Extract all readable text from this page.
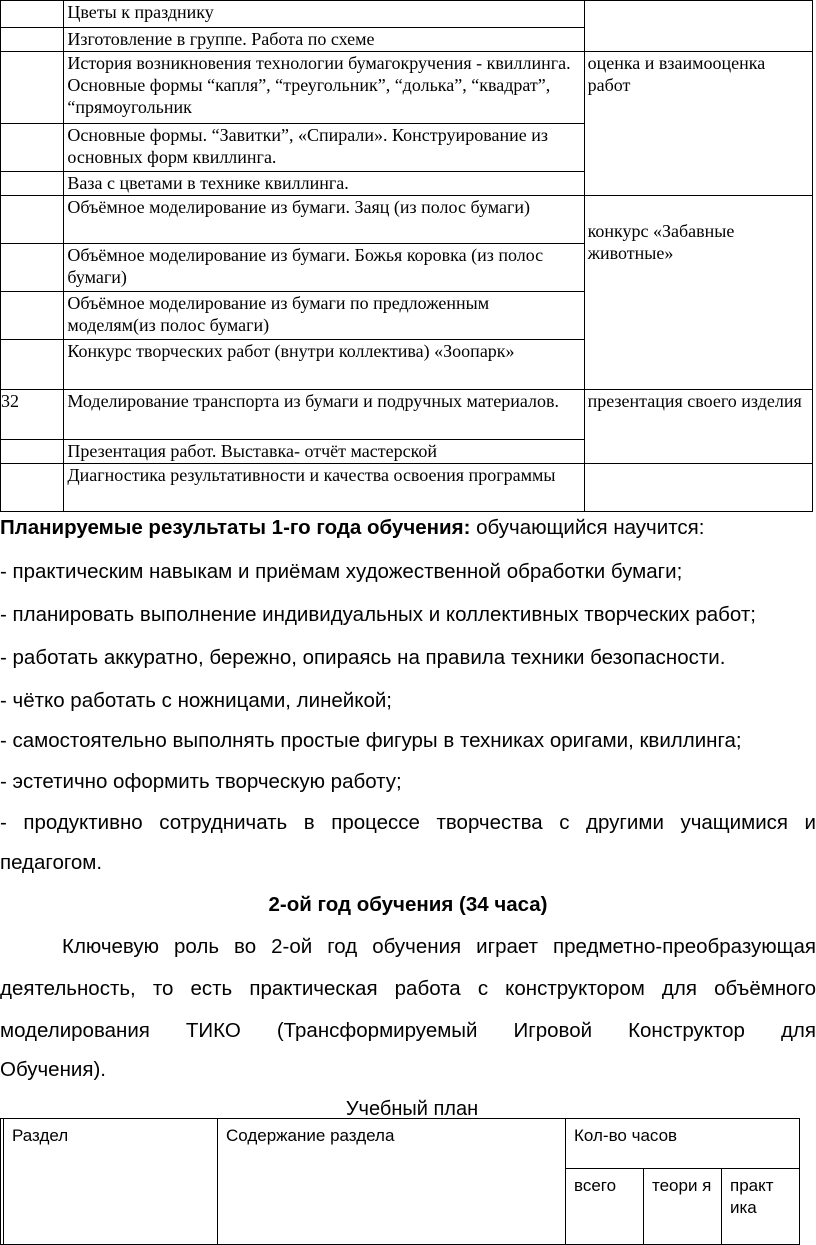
	Цветы к празднику	
	Изготовление в группе. Работа по схеме	
	История возникновения технологии бумагокручения - квиллинга. Основные формы “капля”, “треугольник”, “долька”, “квадрат”, “прямоугольник	оценка и взаимооценка работ
	Основные формы. “Завитки”, «Спирали». Конструирование из основных форм квиллинга.	
	Ваза с цветами в технике квиллинга.	
	Объёмное моделирование из бумаги. Заяц (из полос бумаги)	конкурс «Забавные животные»

	Объёмное моделирование из бумаги. Божья коровка (из полос бумаги)	
	Объёмное моделирование из бумаги по предложенным моделям(из полос бумаги)	
	Конкурс творческих работ (внутри коллектива) «Зоопарк»	
32	Моделирование транспорта из бумаги и подручных материалов.	презентация своего изделия
	Презентация работ. Выставка- отчёт мастерской	
	Диагностика результативности и качества освоения программы	
Планируемые результаты 1-го года обучения: обучающийся научится:
- практическим навыкам и приёмам художественной обработки бумаги;
- планировать выполнение индивидуальных и коллективных творческих работ;
- работать аккуратно, бережно, опираясь на правила техники безопасности.
- чётко работать с ножницами, линейкой;
- самостоятельно выполнять простые фигуры в техниках оригами, квиллинга;
- эстетично оформить творческую работу;
- продуктивно сотрудничать в процессе творчества с другими учащимися и
педагогом.
2-ой год обучения (34 часа)
Ключевую роль во 2-ой год обучения играет предметно-преобразующая
деятельность, то есть практическая работа с конструктором для объёмного
моделирования ТИКО (Трансформируемый Игровой Конструктор для
Обучения).
Учебный план
	Раздел	Содержание раздела	Кол-во часов		
			всего	теори я	практ ика
